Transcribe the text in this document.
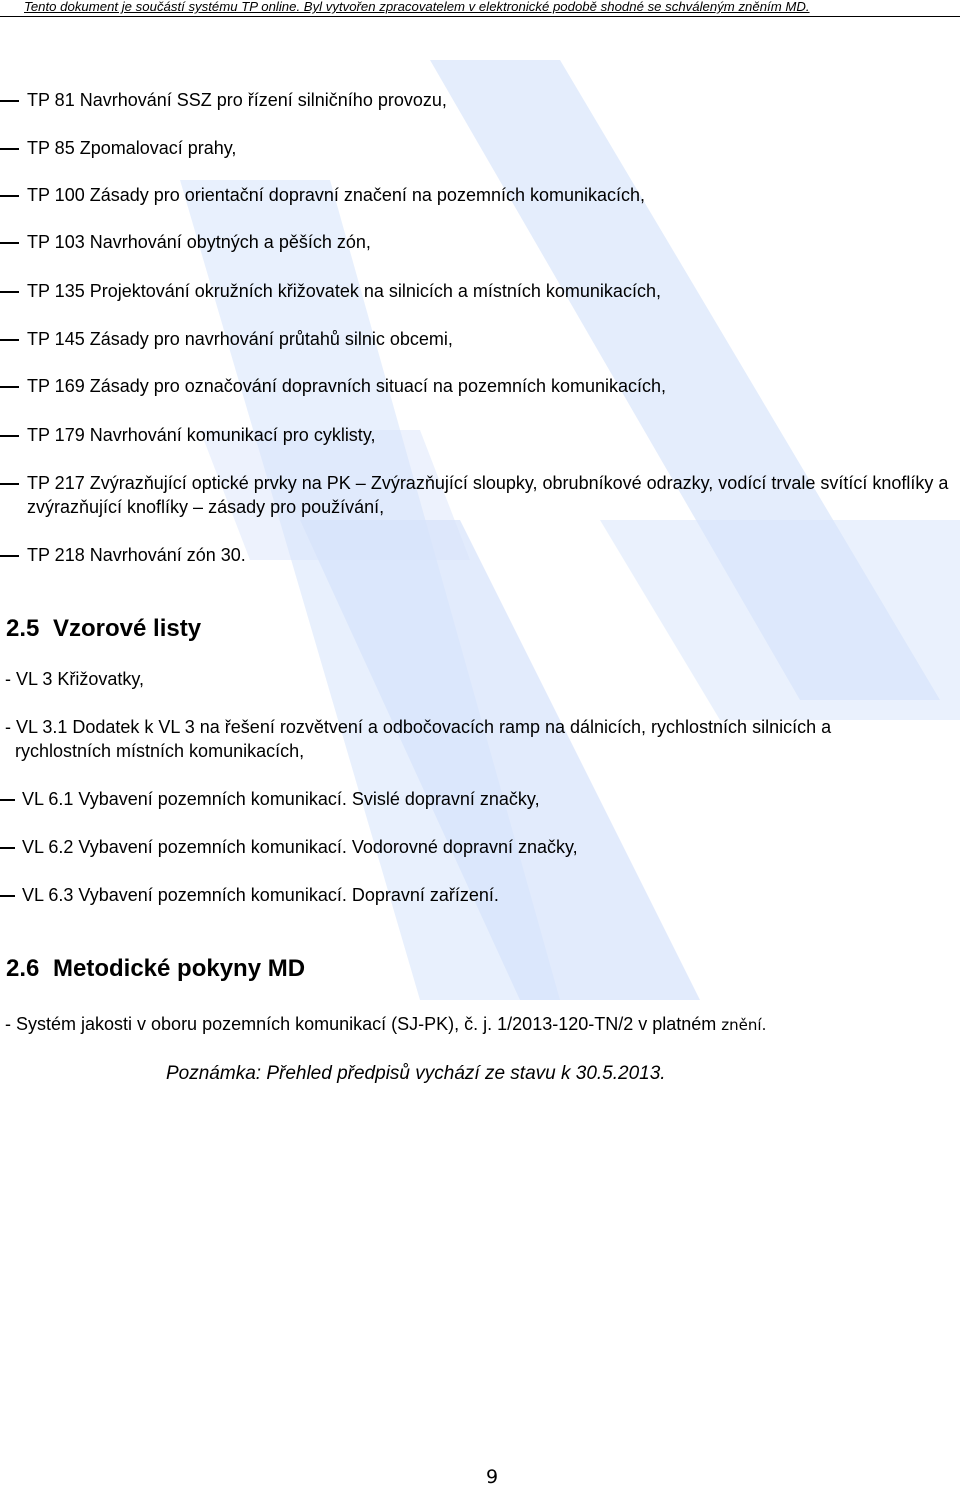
Tento dokument je součástí systému TP online. Byl vytvořen zpracovatelem v elektronické podobě shodné se schváleným zněním MD.
TP 81 Navrhování SSZ pro řízení silničního provozu,
TP 85 Zpomalovací prahy,
TP 100 Zásady pro orientační dopravní značení na pozemních komunikacích,
TP 103 Navrhování obytných a pěších zón,
TP 135 Projektování okružních křižovatek na silnicích a místních komunikacích,
TP 145 Zásady pro navrhování průtahů silnic obcemi,
TP 169 Zásady pro označování dopravních situací na pozemních komunikacích,
TP 179 Navrhování komunikací pro cyklisty,
TP 217 Zvýrazňující optické prvky na PK – Zvýrazňující sloupky, obrubníkové odrazky, vodící trvale svítící knoflíky a zvýrazňující knoflíky – zásady pro používání,
TP 218 Navrhování zón 30.
2.5 Vzorové listy
- VL 3 Křižovatky,
- VL 3.1 Dodatek k VL 3 na řešení rozvětvení a odbočovacích ramp na dálnicích, rychlostních silnicích a
rychlostních místních komunikacích,
VL 6.1 Vybavení pozemních komunikací. Svislé dopravní značky,
VL 6.2 Vybavení pozemních komunikací. Vodorovné dopravní značky,
VL 6.3 Vybavení pozemních komunikací. Dopravní zařízení.
2.6 Metodické pokyny MD
- Systém jakosti v oboru pozemních komunikací (SJ-PK), č. j. 1/2013-120-TN/2 v platném znění.
Poznámka: Přehled předpisů vychází ze stavu k 30.5.2013.
9
